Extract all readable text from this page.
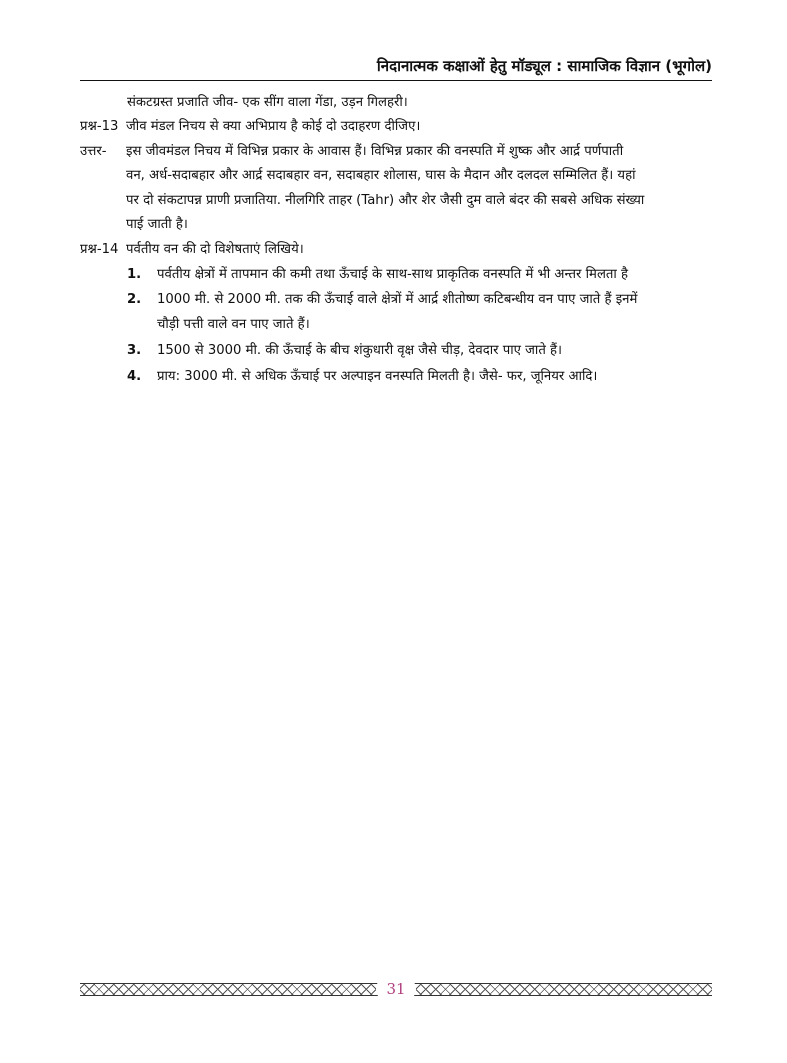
निदानात्मक कक्षाओं हेतु मॉड्यूल : सामाजिक विज्ञान (भूगोल)
संकटग्रस्त प्रजाति जीव- एक सींग वाला गेंडा, उड़न गिलहरी।
प्रश्न-13 जीव मंडल निचय से क्या अभिप्राय है कोई दो उदाहरण दीजिए।
उत्तर- इस जीवमंडल निचय में विभिन्न प्रकार के आवास हैं। विभिन्न प्रकार की वनस्पति में शुष्क और आर्द्र पर्णपाती
वन, अर्ध-सदाबहार और आर्द्र सदाबहार वन, सदाबहार शोलास, घास के मैदान और दलदल सम्मिलित हैं। यहां
पर दो संकटापन्न प्राणी प्रजातिया. नीलगिरि ताहर (Tahr) और शेर जैसी दुम वाले बंदर की सबसे अधिक संख्या
पाई जाती है।
प्रश्न-14 पर्वतीय वन की दो विशेषताएं लिखिये।
1. पर्वतीय क्षेत्रों में तापमान की कमी तथा ऊँचाई के साथ-साथ प्राकृतिक वनस्पति में भी अन्तर मिलता है
2. 1000 मी. से 2000 मी. तक की ऊँचाई वाले क्षेत्रों में आर्द्र शीतोष्ण कटिबन्धीय वन पाए जाते हैं इनमें
चौड़ी पत्ती वाले वन पाए जाते हैं।
3. 1500 से 3000 मी. की ऊँचाई के बीच शंकुधारी वृक्ष जैसे चीड़, देवदार पाए जाते हैं।
4. प्राय: 3000 मी. से अधिक ऊँचाई पर अल्पाइन वनस्पति मिलती है। जैसे- फर, जूनियर आदि।
31
